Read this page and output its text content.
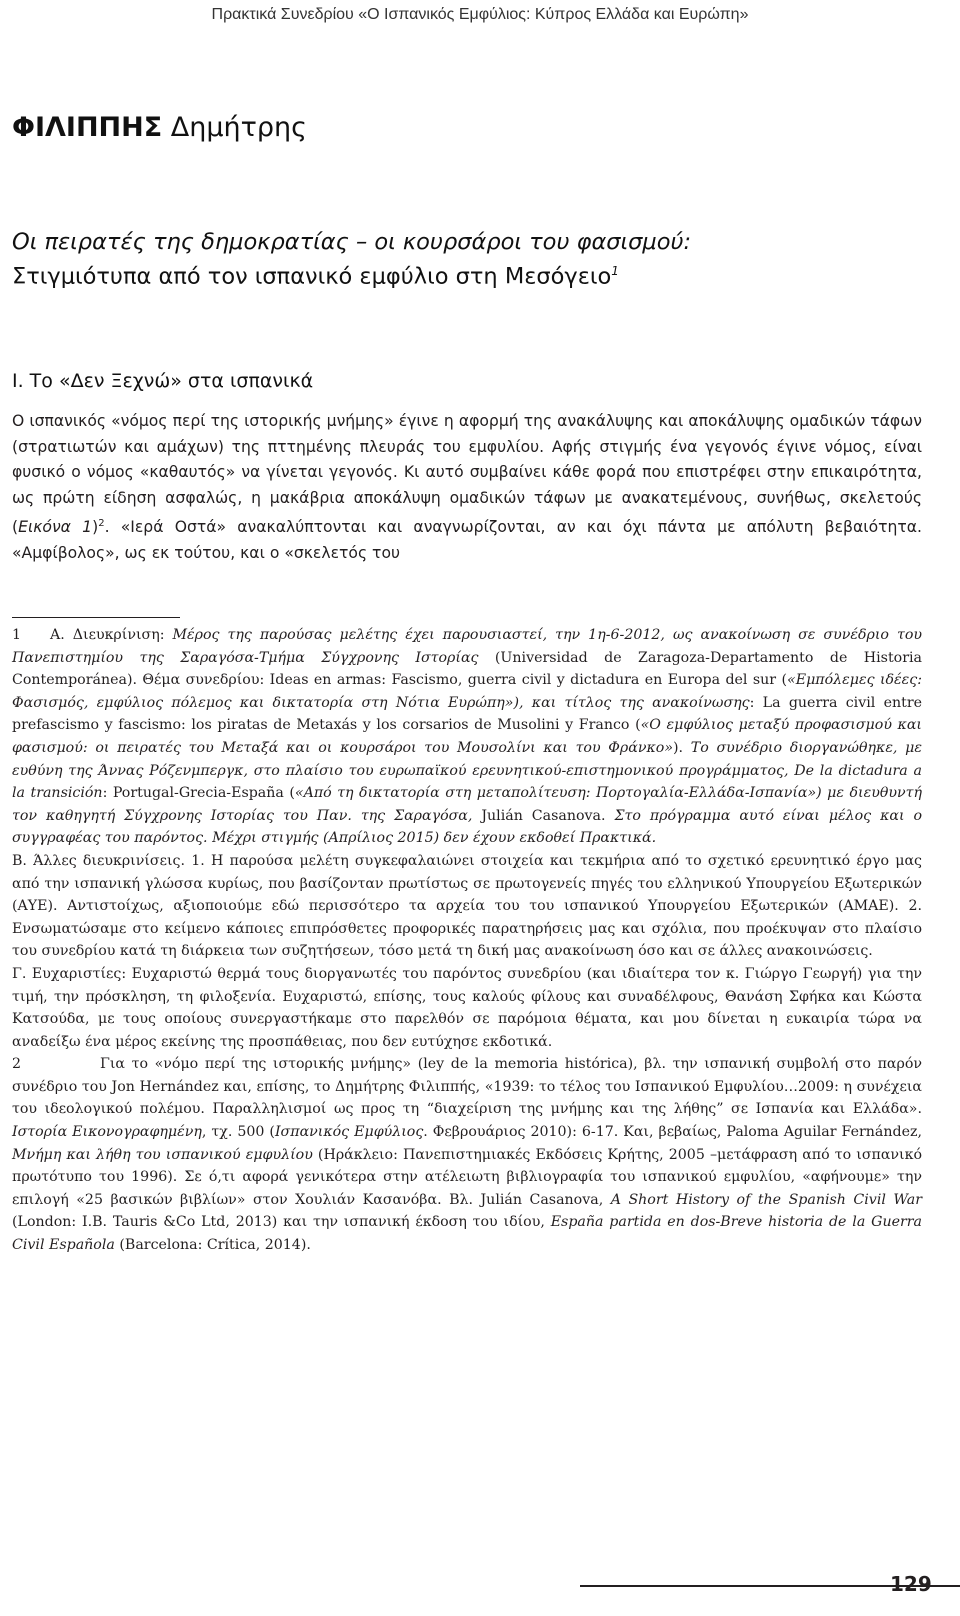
Πρακτικά Συνεδρίου «Ο Ισπανικός Εμφύλιος: Κύπρος Ελλάδα και Ευρώπη»
ΦΙΛΙΠΠΗΣ Δημήτρης
Οι πειρατές της δημοκρατίας – οι κουρσάροι του φασισμού:
Στιγμιότυπα από τον ισπανικό εμφύλιο στη Μεσόγειο$^1$
I. Το «Δεν Ξεχνώ» στα ισπανικά

Ο ισπανικός «νόμος περί της ιστορικής μνήμης» έγινε η αφορμή της ανακάλυψης και αποκάλυψης ομαδικών τάφων (στρατιωτών και αμάχων) της πττημένης πλευράς του εμφυλίου. Αφής στιγμής ένα γεγονός έγινε νόμος, είναι φυσικό ο νόμος «καθαυτός» να γίνεται γεγονός. Κι αυτό συμβαίνει κάθε φορά που επιστρέφει στην επικαιρότητα, ως πρώτη είδηση ασφαλώς, η μακάβρια αποκάλυψη ομαδικών τάφων με ανακατεμένους, συνήθως, σκελετούς (Εικόνα 1)$^2$. «Ιερά Οστά» ανακαλύπτονται και αναγνωρίζονται, αν και όχι πάντα με απόλυτη βεβαιότητα. «Αμφίβολος», ως εκ τούτου, και ο «σκελετός του

1 Α. Διευκρίνιση: Μέρος της παρούσας μελέτης έχει παρουσιαστεί, την 1η-6-2012, ως ανακοίνωση σε συνέδριο του Πανεπιστημίου της Σαραγόσα-Τμήμα Σύγχρονης Ιστορίας (Universidad de Zaragoza-Departamento de Historia Contemporánea). Θέμα συνεδρίου: Ideas en armas: Fascismo, guerra civil y dictadura en Europa del sur («Εμπόλεμες ιδέες: Φασισμός, εμφύλιος πόλεμος και δικτατορία στη Νότια Ευρώπη»), και τίτλος της ανακοίνωσης: La guerra civil entre prefascismo y fascismo: los piratas de Metaxás y los corsarios de Musolini y Franco («Ο εμφύλιος μεταξύ προφασισμού και φασισμού: οι πειρατές του Μεταξά και οι κουρσάροι του Μουσολίνι και του Φράνκο»). Το συνέδριο διοργανώθηκε, με ευθύνη της Άννας Ρόζενμπεργκ, στο πλαίσιο του ευρωπαϊκού ερευνητικού-επιστημονικού προγράμματος, De la dictadura a la transición: Portugal-Grecia-España («Από τη δικτατορία στη μεταπολίτευση: Πορτογαλία-Ελλάδα-Ισπανία») με διευθυντή τον καθηγητή Σύγχρονης Ιστορίας του Παν. της Σαραγόσα, Julián Casanova. Στο πρόγραμμα αυτό είναι μέλος και ο συγγραφέας του παρόντος. Μέχρι στιγμής (Απρίλιος 2015) δεν έχουν εκδοθεί Πρακτικά.

Β. Άλλες διευκρινίσεις. 1. Η παρούσα μελέτη συγκεφαλαιώνει στοιχεία και τεκμήρια από το σχετικό ερευνητικό έργο μας από την ισπανική γλώσσα κυρίως, που βασίζονταν πρωτίστως σε πρωτογενείς πηγές του ελληνικού Υπουργείου Εξωτερικών (ΑΥΕ). Αντιστοίχως, αξιοποιούμε εδώ περισσότερο τα αρχεία του του ισπανικού Υπουργείου Εξωτερικών (ΑΜΑΕ). 2. Ενσωματώσαμε στο κείμενο κάποιες επιπρόσθετες προφορικές παρατηρήσεις μας και σχόλια, που προέκυψαν στο πλαίσιο του συνεδρίου κατά τη διάρκεια των συζητήσεων, τόσο μετά τη δική μας ανακοίνωση όσο και σε άλλες ανακοινώσεις.

Γ. Ευχαριστίες: Ευχαριστώ θερμά τους διοργανωτές του παρόντος συνεδρίου (και ιδιαίτερα τον κ. Γιώργο Γεωργή) για την τιμή, την πρόσκληση, τη φιλοξενία. Ευχαριστώ, επίσης, τους καλούς φίλους και συναδέλφους, Θανάση Σφήκα και Κώστα Κατσούδα, με τους οποίους συνεργαστήκαμε στο παρελθόν σε παρόμοια θέματα, και μου δίνεται η ευκαιρία τώρα να αναδείξω ένα μέρος εκείνης της προσπάθειας, που δεν ευτύχησε εκδοτικά.

2	Για το «νόμο περί της ιστορικής μνήμης» (ley de la memoria histórica), βλ. την ισπανική συμβολή στο παρόν συνέδριο του Jon Hernández και, επίσης, το Δημήτρης Φιλιππής, «1939: το τέλος του Ισπανικού Εμφυλίου…2009: η συνέχεια του ιδεολογικού πολέμου. Παραλληλισμοί ως προς τη “διαχείριση της μνήμης και της λήθης” σε Ισπανία και Ελλάδα». Ιστορία Εικονογραφημένη, τχ. 500 (Ισπανικός Εμφύλιος. Φεβρουάριος 2010): 6-17. Και, βεβαίως, Paloma Aguilar Fernández, Μνήμη και λήθη του ισπανικού εμφυλίου (Ηράκλειο: Πανεπιστημιακές Εκδόσεις Κρήτης, 2005 –μετάφραση από το ισπανικό πρωτότυπο του 1996). Σε ό,τι αφορά γενικότερα στην ατέλειωτη βιβλιογραφία του ισπανικού εμφυλίου, «αφήνουμε» την επιλογή «25 βασικών βιβλίων» στον Χουλιάν Κασανόβα. Βλ. Julián Casanova, A Short History of the Spanish Civil War (London: I.B. Tauris &Co Ltd, 2013) και την ισπανική έκδοση του ιδίου, España partida en dos-Breve historia de la Guerra Civil Española (Barcelona: Crítica, 2014).

129
